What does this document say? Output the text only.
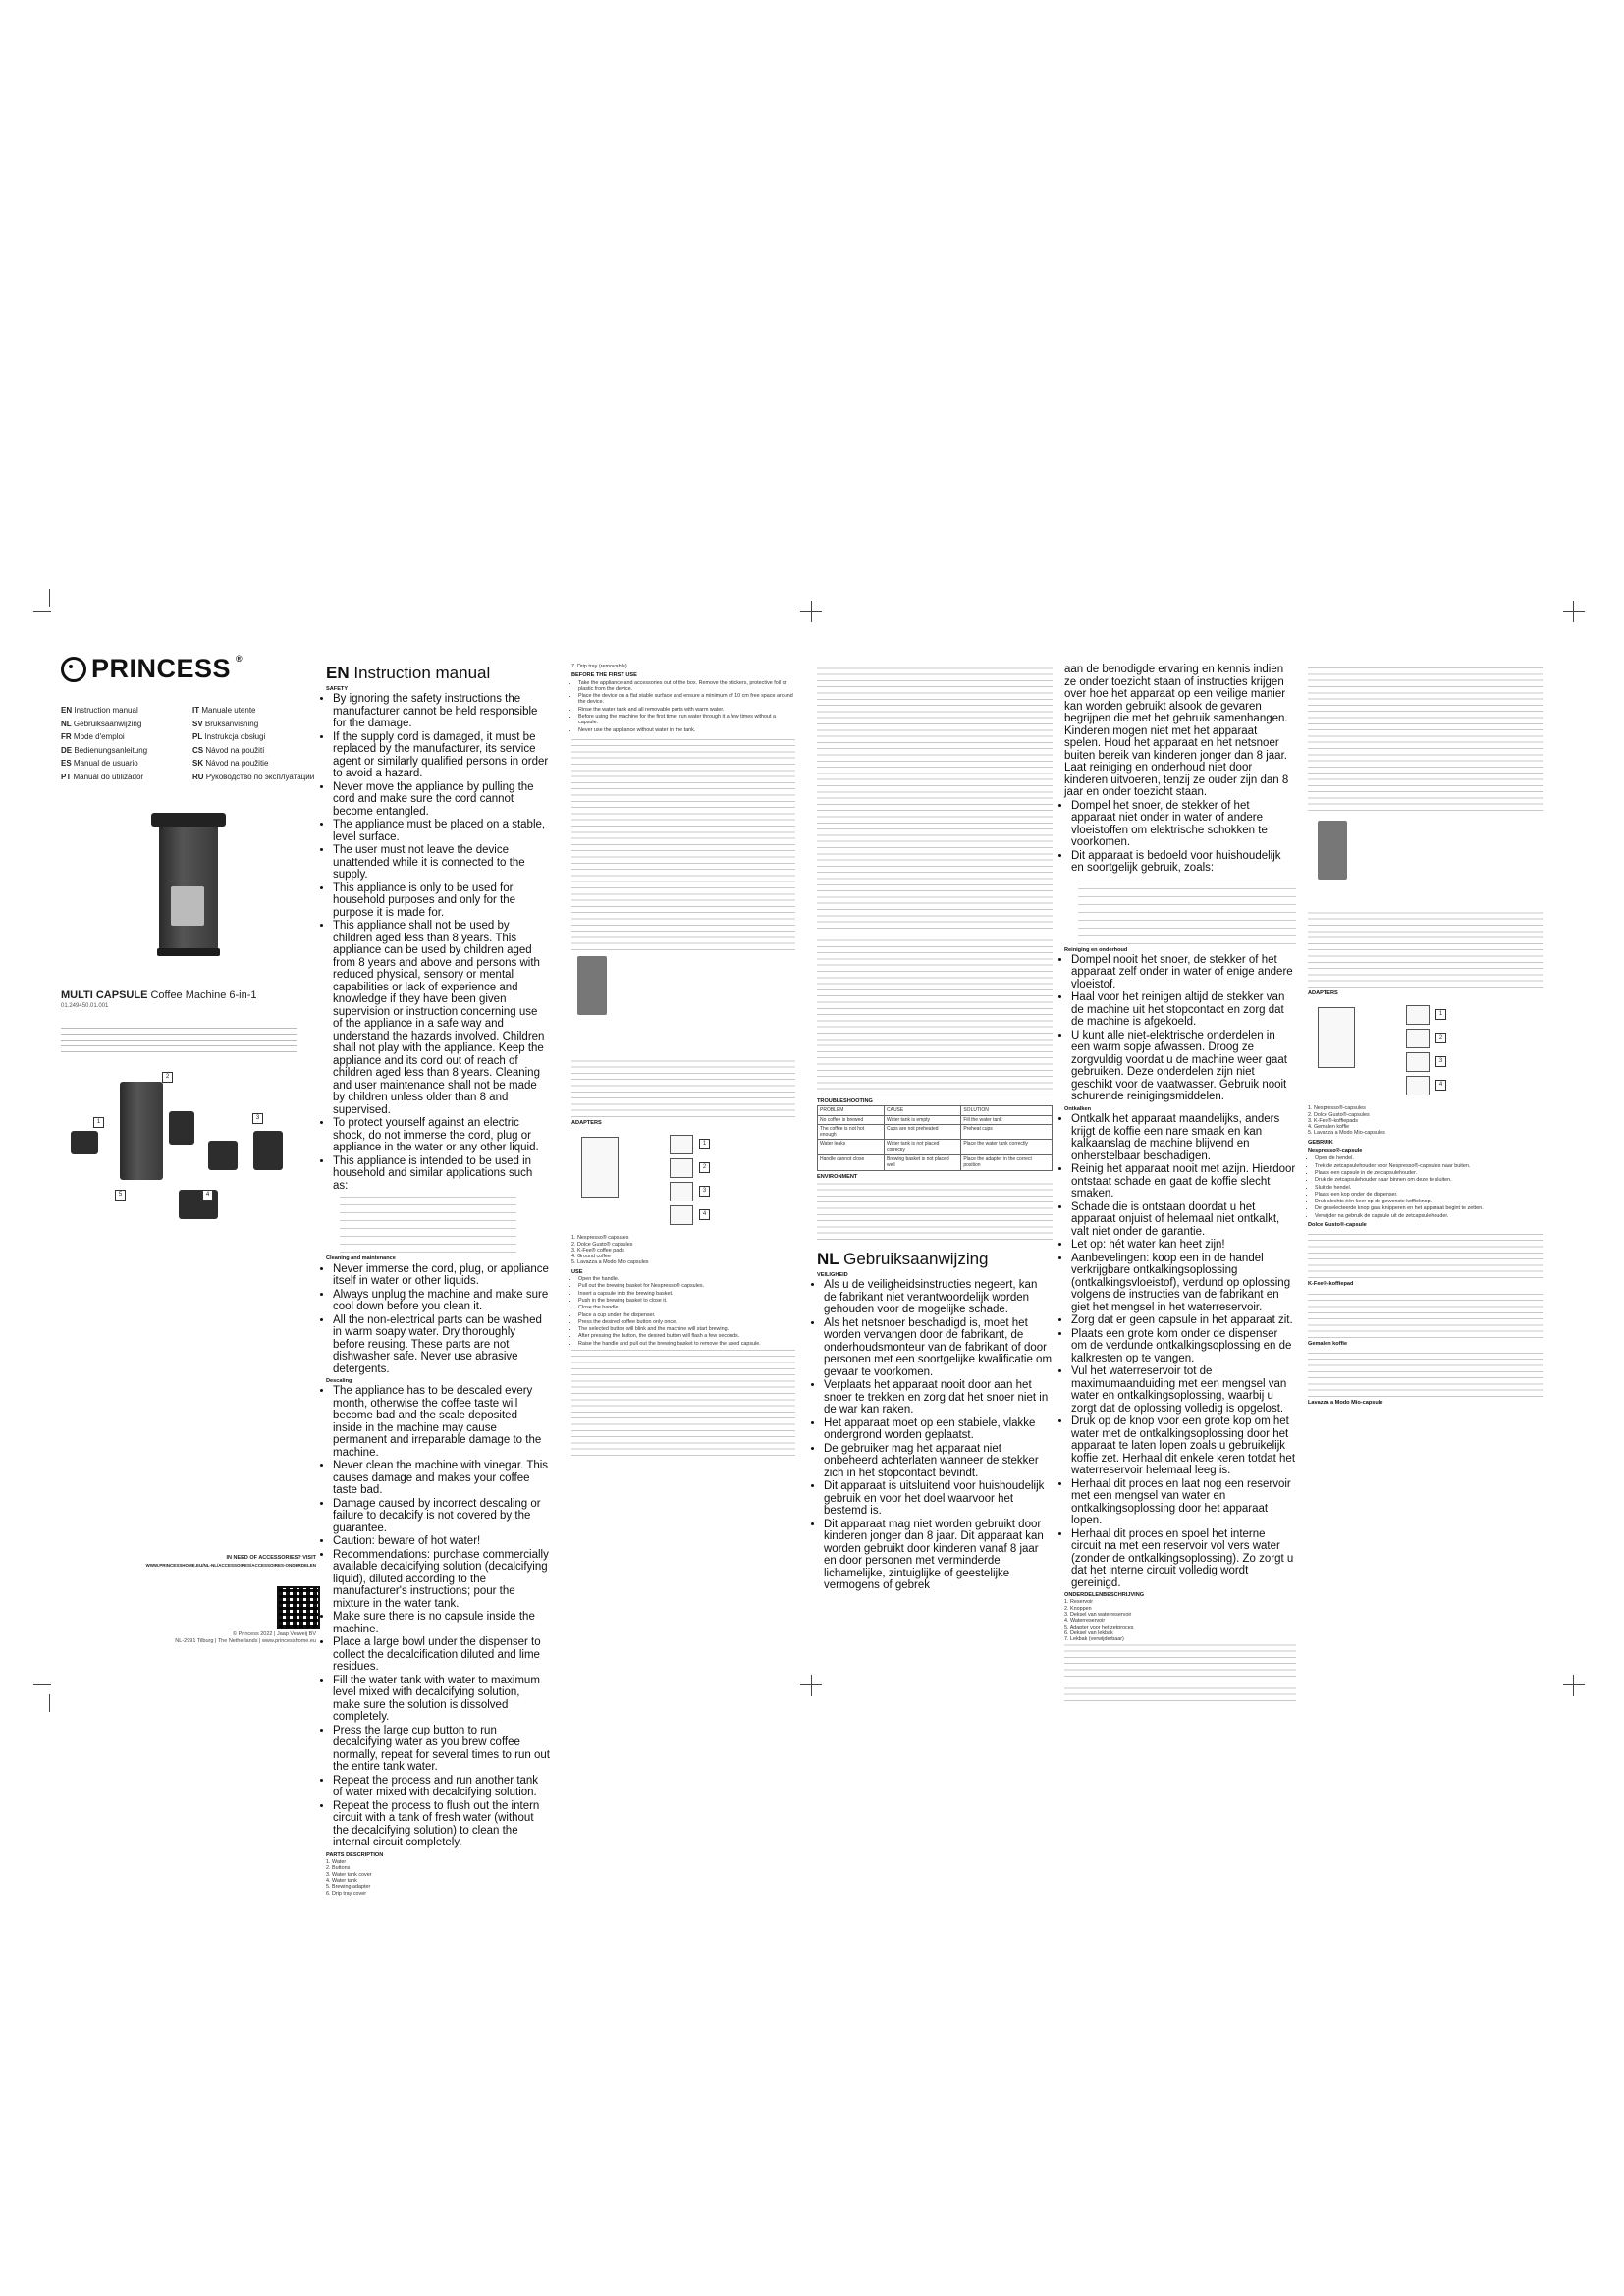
PRINCESS ®
EN Instruction manual	IT Manuale utente
NL Gebruiksaanwijzing	SV Bruksanvisning
FR Mode d'emploi	PL Instrukcja obsługi
DE Bedienungsanleitung	CS Návod na použití
ES Manual de usuario	SK Návod na použitie
PT Manual do utilizador	RU Руководство по эксплуатации
MULTI CAPSULE Coffee Machine 6-in-1
01.249450.01.001
1
2
3
4
5
IN NEED OF ACCESSORIES? VISIT
WWW.PRINCESSHOME.EU/NL-NL/ACCESSOIRES/ACCESSOIRES-ONDERDELEN
© Princess 2022 | Jaap Verweij BV
NL-2991 Tilburg | The Netherlands | www.princesshome.eu
EN Instruction manual
SAFETY
• By ignoring the safety instructions the manufacturer cannot be held responsible for the damage.
• If the supply cord is damaged, it must be replaced by the manufacturer, its service agent or similarly qualified persons in order to avoid a hazard.
• Never move the appliance by pulling the cord and make sure the cord cannot become entangled.
• The appliance must be placed on a stable, level surface.
• The user must not leave the device unattended while it is connected to the supply.
• This appliance is only to be used for household purposes and only for the purpose it is made for.
• This appliance shall not be used by children aged less than 8 years. This appliance can be used by children aged from 8 years and above and persons with reduced physical, sensory or mental capabilities or lack of experience and knowledge if they have been given supervision or instruction concerning use of the appliance in a safe way and understand the hazards involved. Children shall not play with the appliance. Keep the appliance and its cord out of reach of children aged less than 8 years. Cleaning and user maintenance shall not be made by children unless older than 8 and supervised.
• To protect yourself against an electric shock, do not immerse the cord, plug or appliance in the water or any other liquid.
• This appliance is intended to be used in household and similar applications such as:
Cleaning and maintenance
• Never immerse the cord, plug, or appliance itself in water or other liquids.
• Always unplug the machine and make sure cool down before you clean it.
• All the non-electrical parts can be washed in warm soapy water. Dry thoroughly before reusing. These parts are not dishwasher safe. Never use abrasive detergents.
Descaling
• The appliance has to be descaled every month, otherwise the coffee taste will become bad and the scale deposited inside in the machine may cause permanent and irreparable damage to the machine.
• Never clean the machine with vinegar. This causes damage and makes your coffee taste bad.
• Damage caused by incorrect descaling or failure to decalcify is not covered by the guarantee.
• Caution: beware of hot water!
• Recommendations: purchase commercially available decalcifying solution (decalcifying liquid), diluted according to the manufacturer's instructions; pour the mixture in the water tank.
• Make sure there is no capsule inside the machine.
• Place a large bowl under the dispenser to collect the decalcification diluted and lime residues.
• Fill the water tank with water to maximum level mixed with decalcifying solution, make sure the solution is dissolved completely.
• Press the large cup button to run decalcifying water as you brew coffee normally, repeat for several times to run out the entire tank water.
• Repeat the process and run another tank of water mixed with decalcifying solution.
• Repeat the process to flush out the intern circuit with a tank of fresh water (without the decalcifying solution) to clean the internal circuit completely.
PARTS DESCRIPTION
1. Water
2. Buttons
3. Water tank cover
4. Water tank
5. Brewing adapter
6. Drip tray cover
7. Drip tray (removable)
BEFORE THE FIRST USE
• Take the appliance and accessories out of the box. Remove the stickers, protective foil or plastic from the device.
• Place the device on a flat stable surface and ensure a minimum of 10 cm free space around the device.
• Rinse the water tank and all removable parts with warm water.
• Before using the machine for the first time, run water through it a few times without a capsule.
• Never use the appliance without water in the tank.
ADAPTERS
1
2
3
4
1. Nespresso® capsules
2. Dolce Gusto® capsules
3. K-Fee® coffee pads
4. Ground coffee
5. Lavazza a Modo Mio capsules
USE
• Open the handle.
• Pull out the brewing basket for Nespresso® capsules.
• Insert a capsule into the brewing basket.
• Push in the brewing basket to close it.
• Close the handle.
• Place a cup under the dispenser.
• Press the desired coffee button only once.
• The selected button will blink and the machine will start brewing.
• After pressing the button, the desired button will flash a few seconds.
• Raise the handle and pull out the brewing basket to remove the used capsule.
TROUBLESHOOTING
PROBLEM	CAUSE	SOLUTION
No coffee is brewed	Water tank is empty	Fill the water tank
The coffee is not hot enough	Cups are not preheated	Preheat cups
Water leaks	Water tank is not placed correctly	Place the water tank correctly
Handle cannot close	Brewing basket is not placed well	Place the adapter in the correct position
ENVIRONMENT
NL Gebruiksaanwijzing
VEILIGHEID
• Als u de veiligheidsinstructies negeert, kan de fabrikant niet verantwoordelijk worden gehouden voor de mogelijke schade.
• Als het netsnoer beschadigd is, moet het worden vervangen door de fabrikant, de onderhoudsmonteur van de fabrikant of door personen met een soortgelijke kwalificatie om gevaar te voorkomen.
• Verplaats het apparaat nooit door aan het snoer te trekken en zorg dat het snoer niet in de war kan raken.
• Het apparaat moet op een stabiele, vlakke ondergrond worden geplaatst.
• De gebruiker mag het apparaat niet onbeheerd achterlaten wanneer de stekker zich in het stopcontact bevindt.
• Dit apparaat is uitsluitend voor huishoudelijk gebruik en voor het doel waarvoor het bestemd is.
• Dit apparaat mag niet worden gebruikt door kinderen jonger dan 8 jaar. Dit apparaat kan worden gebruikt door kinderen vanaf 8 jaar en door personen met verminderde lichamelijke, zintuiglijke of geestelijke vermogens of gebrek
aan de benodigde ervaring en kennis indien ze onder toezicht staan of instructies krijgen over hoe het apparaat op een veilige manier kan worden gebruikt alsook de gevaren begrijpen die met het gebruik samenhangen. Kinderen mogen niet met het apparaat spelen. Houd het apparaat en het netsnoer buiten bereik van kinderen jonger dan 8 jaar. Laat reiniging en onderhoud niet door kinderen uitvoeren, tenzij ze ouder zijn dan 8 jaar en onder toezicht staan.
• Dompel het snoer, de stekker of het apparaat niet onder in water of andere vloeistoffen om elektrische schokken te voorkomen.
• Dit apparaat is bedoeld voor huishoudelijk en soortgelijk gebruik, zoals:
Reiniging en onderhoud
• Dompel nooit het snoer, de stekker of het apparaat zelf onder in water of enige andere vloeistof.
• Haal voor het reinigen altijd de stekker van de machine uit het stopcontact en zorg dat de machine is afgekoeld.
• U kunt alle niet-elektrische onderdelen in een warm sopje afwassen. Droog ze zorgvuldig voordat u de machine weer gaat gebruiken. Deze onderdelen zijn niet geschikt voor de vaatwasser. Gebruik nooit schurende reinigingsmiddelen.
Ontkalken
• Ontkalk het apparaat maandelijks, anders krijgt de koffie een nare smaak en kan kalkaanslag de machine blijvend en onherstelbaar beschadigen.
• Reinig het apparaat nooit met azijn. Hierdoor ontstaat schade en gaat de koffie slecht smaken.
• Schade die is ontstaan doordat u het apparaat onjuist of helemaal niet ontkalkt, valt niet onder de garantie.
• Let op: hét water kan heet zijn!
• Aanbevelingen: koop een in de handel verkrijgbare ontkalkingsoplossing (ontkalkingsvloeistof), verdund op oplossing volgens de instructies van de fabrikant en giet het mengsel in het waterreservoir.
• Zorg dat er geen capsule in het apparaat zit.
• Plaats een grote kom onder de dispenser om de verdunde ontkalkingsoplossing en de kalkresten op te vangen.
• Vul het waterreservoir tot de maximumaanduiding met een mengsel van water en ontkalkingsoplossing, waarbij u zorgt dat de oplossing volledig is opgelost.
• Druk op de knop voor een grote kop om het water met de ontkalkingsoplossing door het apparaat te laten lopen zoals u gebruikelijk koffie zet. Herhaal dit enkele keren totdat het waterreservoir helemaal leeg is.
• Herhaal dit proces en laat nog een reservoir met een mengsel van water en ontkalkingsoplossing door het apparaat lopen.
• Herhaal dit proces en spoel het interne circuit na met een reservoir vol vers water (zonder de ontkalkingsoplossing). Zo zorgt u dat het interne circuit volledig wordt gereinigd.
ONDERDELENBESCHRIJVING
1. Reservoir
2. Knoppen
3. Deksel van waterreservoir
4. Waterreservoir
5. Adapter voor het zetproces
6. Deksel van lekbak
7. Lekbak (verwijderbaar)
ADAPTERS
1
2
3
4
1. Nespresso®-capsules
2. Dolce Gusto®-capsules
3. K-Fee®-koffiepads
4. Gemalen koffie
5. Lavazza a Modo Mio-capsules
GEBRUIK
Nespresso®-capsule
• Open de hendel.
• Trek de zetcapsulehouder voor Nespresso®-capsules naar buiten.
• Plaats een capsule in de zetcapsulehouder.
• Druk de zetcapsulehouder naar binnen om deze te sluiten.
• Sluit de hendel.
• Plaats een kop onder de dispenser.
• Druk slechts één keer op de gewenste koffieknop.
• De geselecteerde knop gaat knipperen en het apparaat begint te zetten.
• Verwijder na gebruik de capsule uit de zetcapsulehouder.
Dolce Gusto®-capsule
K-Fee®-koffiepad
Gemalen koffie
Lavazza a Modo Mio-capsule
